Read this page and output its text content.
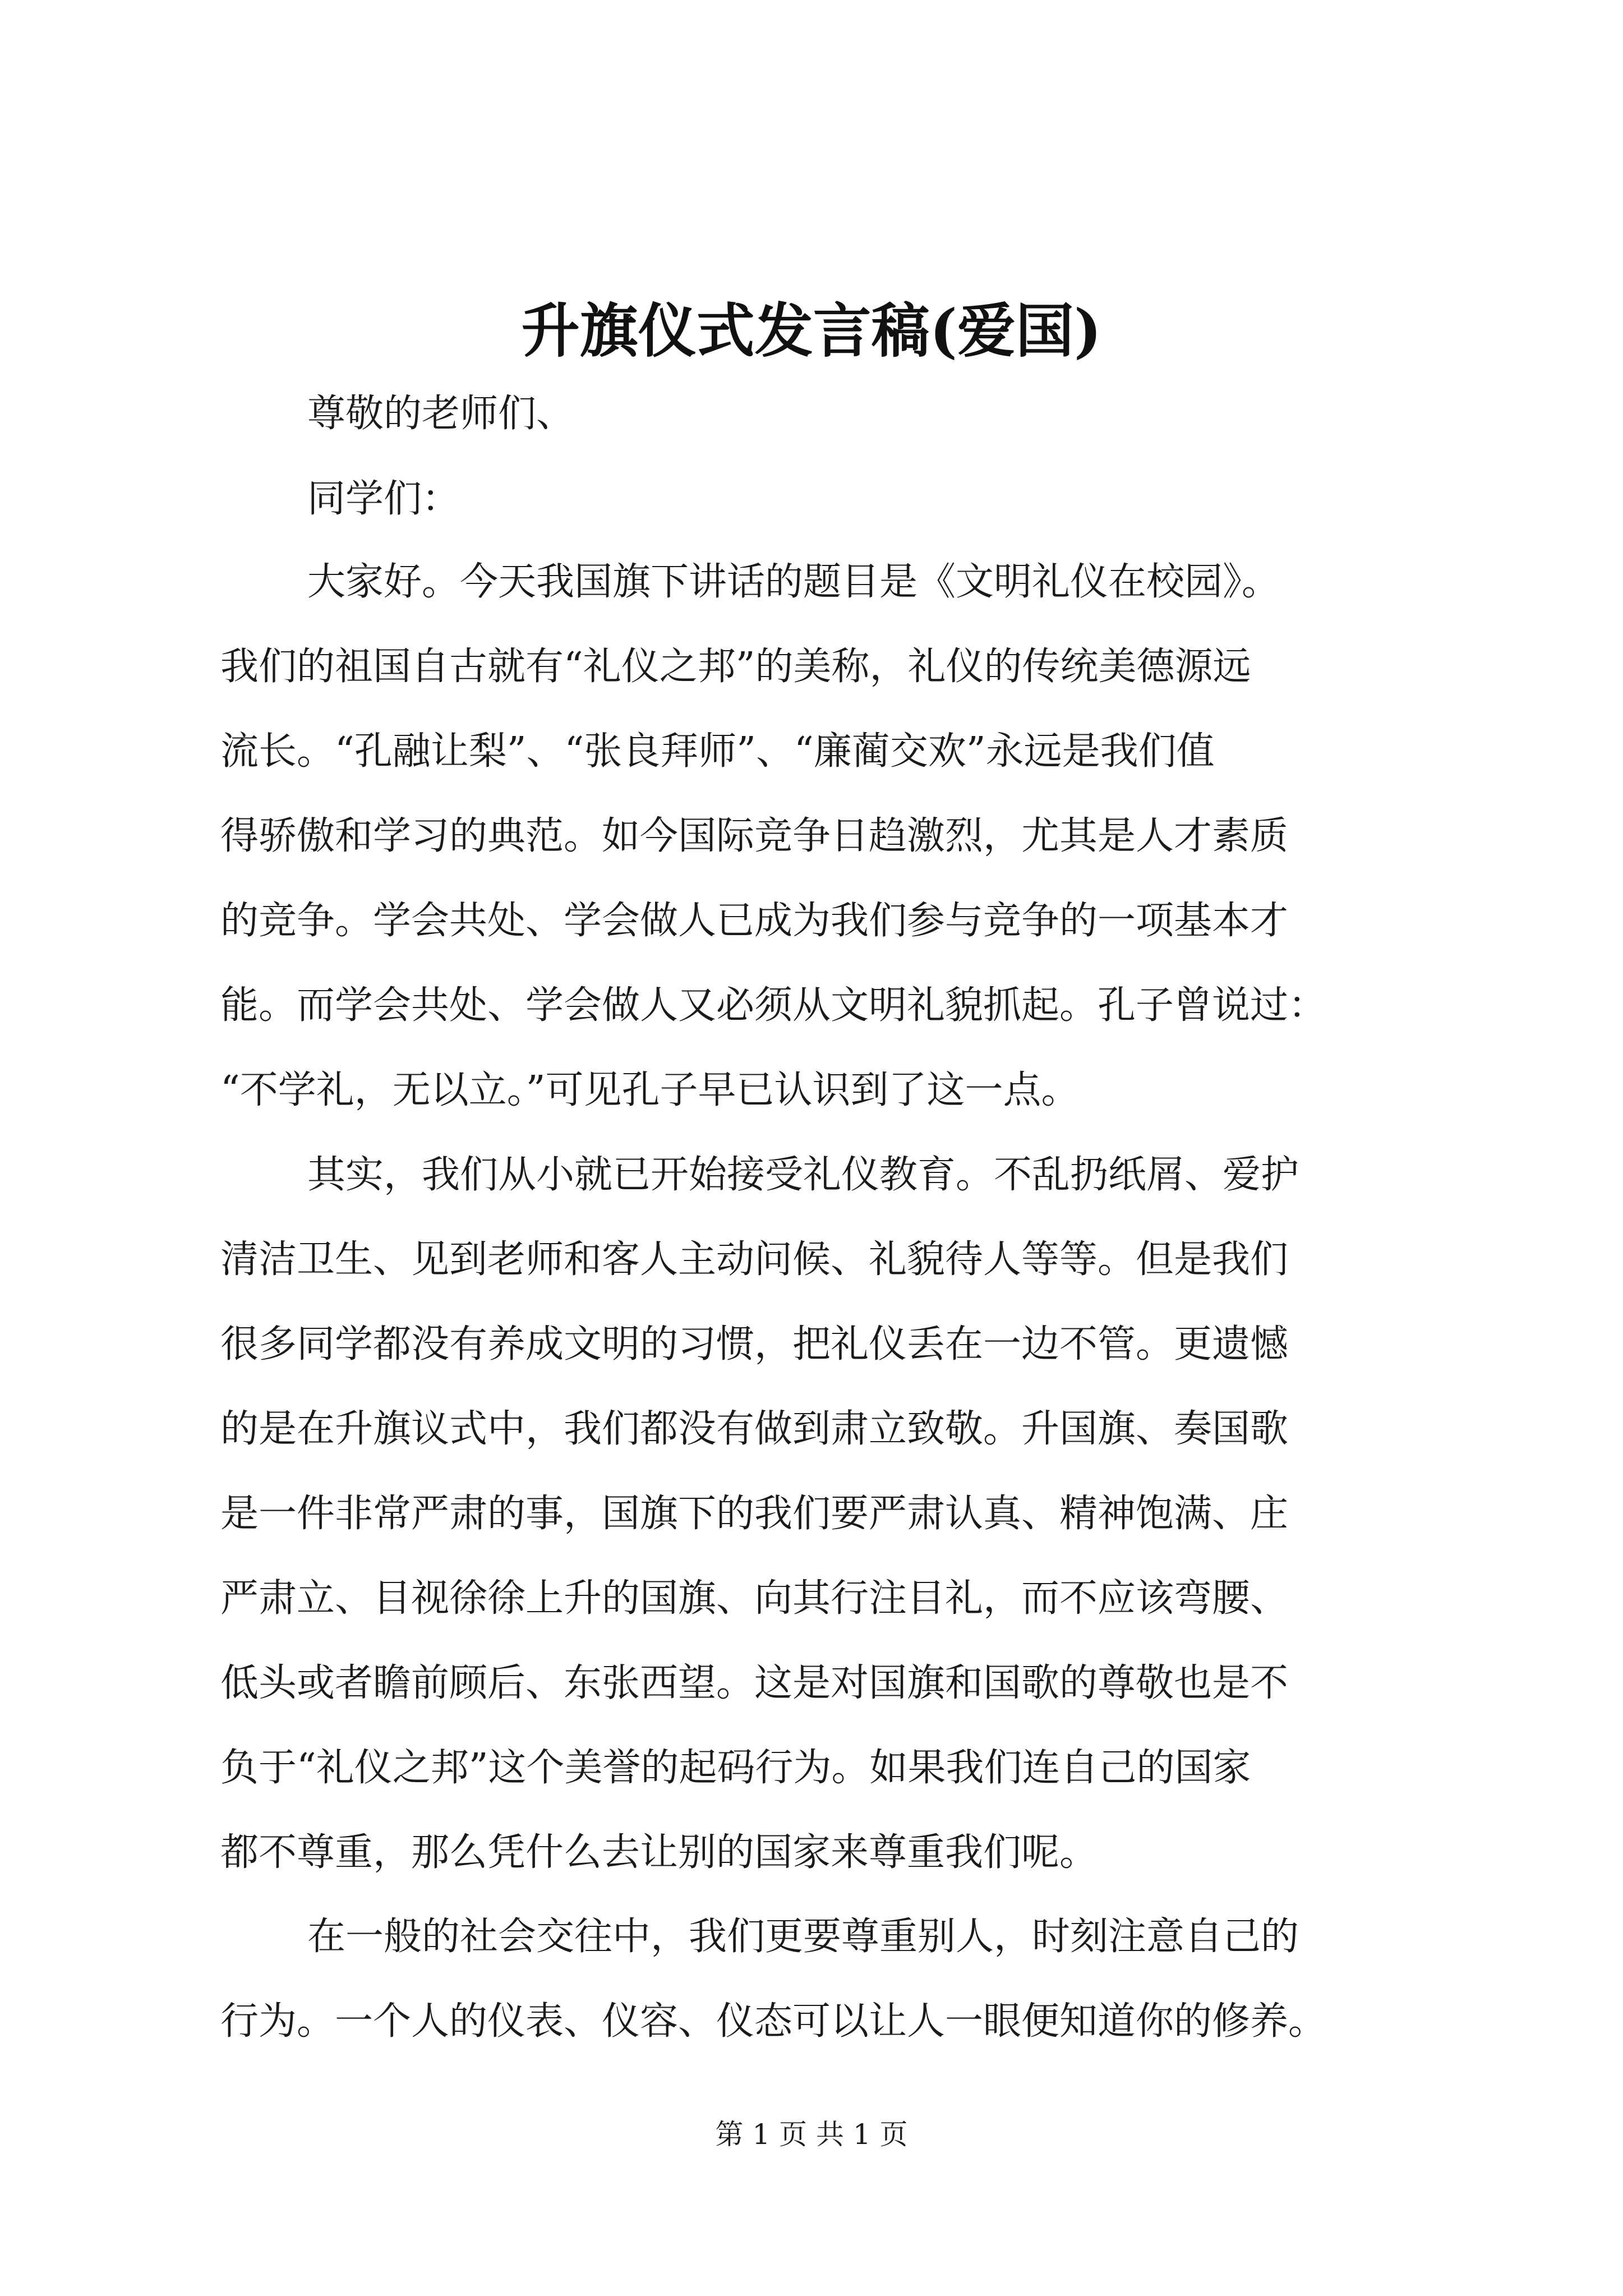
升旗仪式发言稿(爱国)
尊敬的老师们、
同学们：
大家好。今天我国旗下讲话的题目是《文明礼仪在校园》。
我们的祖国自古就有“礼仪之邦”的美称，礼仪的传统美德源远
流长。“孔融让梨”、“张良拜师”、“廉蔺交欢”永远是我们值
得骄傲和学习的典范。如今国际竞争日趋激烈，尤其是人才素质
的竞争。学会共处、学会做人已成为我们参与竞争的一项基本才
能。而学会共处、学会做人又必须从文明礼貌抓起。孔子曾说过：
“不学礼，无以立。”可见孔子早已认识到了这一点。
其实，我们从小就已开始接受礼仪教育。不乱扔纸屑、爱护
清洁卫生、见到老师和客人主动问候、礼貌待人等等。但是我们
很多同学都没有养成文明的习惯，把礼仪丢在一边不管。更遗憾
的是在升旗议式中，我们都没有做到肃立致敬。升国旗、奏国歌
是一件非常严肃的事，国旗下的我们要严肃认真、精神饱满、庄
严肃立、目视徐徐上升的国旗、向其行注目礼，而不应该弯腰、
低头或者瞻前顾后、东张西望。这是对国旗和国歌的尊敬也是不
负于“礼仪之邦”这个美誉的起码行为。如果我们连自己的国家
都不尊重，那么凭什么去让别的国家来尊重我们呢。
在一般的社会交往中，我们更要尊重别人，时刻注意自己的
行为。一个人的仪表、仪容、仪态可以让人一眼便知道你的修养。
第 1 页 共 1 页
